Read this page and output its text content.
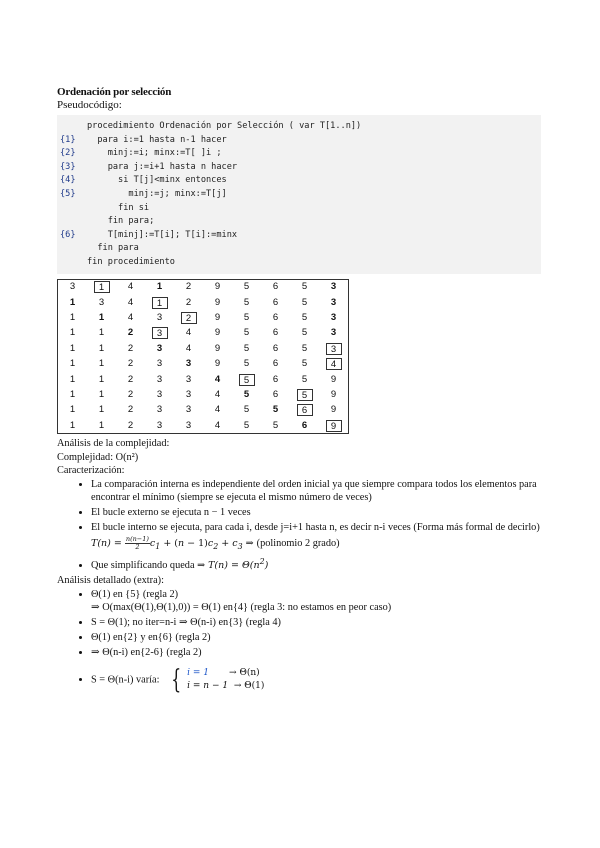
Ordenación por selección
Pseudocódigo:
procedimiento Ordenación por Selección ( var T[1..n])
{1}  para i:=1 hasta n-1 hacer
{2}    minj:=i; minx:=T[ ]i ;
{3}    para j:=i+1 hasta n hacer
{4}      si T[j]<minx entonces
{5}        minj:=j; minx:=T[j]
fin si
fin para;
{6}    T[minj]:=T[i]; T[i]:=minx
fin para
fin procedimiento
3	1	4	1	2	9	5	6	5	3
1	3	4	1	2	9	5	6	5	3
1	1	4	3	2	9	5	6	5	3
1	1	2	3	4	9	5	6	5	3
1	1	2	3	4	9	5	6	5	3
1	1	2	3	3	9	5	6	5	4
1	1	2	3	3	4	5	6	5	9
1	1	2	3	3	4	5	6	5	9
1	1	2	3	3	4	5	5	6	9
1	1	2	3	3	4	5	5	6	9
Análisis de la complejidad:
Complejidad: O(n²)
Caracterización:
• La comparación interna es independiente del orden inicial ya que siempre compara todos los elementos para encontrar el mínimo (siempre se ejecuta el mismo número de veces)
• El bucle externo se ejecuta n − 1 veces
• El bucle interno se ejecuta, para cada i, desde j=i+1 hasta n, es decir n-i veces (Forma más formal de decirlo)
$T(n) = \frac{n(n-1)}{2} c_1 + (n - 1)c_2 + c_3$ ⇒ (polinomio 2 grado)
• Que simplificando queda ⇒ $T(n) = \Theta(n^2)$
Análisis detallado (extra):
• Θ(1) en {5} (regla 2)
⇒ O(max(Θ(1),Θ(1),0)) = Θ(1) en{4} (regla 3: no estamos en peor caso)
• S = Θ(1); no iter=n-i ⇒ Θ(n-i) en{3} (regla 4)
• Θ(1) en{2} y en{6} (regla 2)
• ⇒ Θ(n-i) en{2-6} (regla 2)
• S = Θ(n-i) varía: { i = 1 → Θ(n)
i = n − 1 → Θ(1)
